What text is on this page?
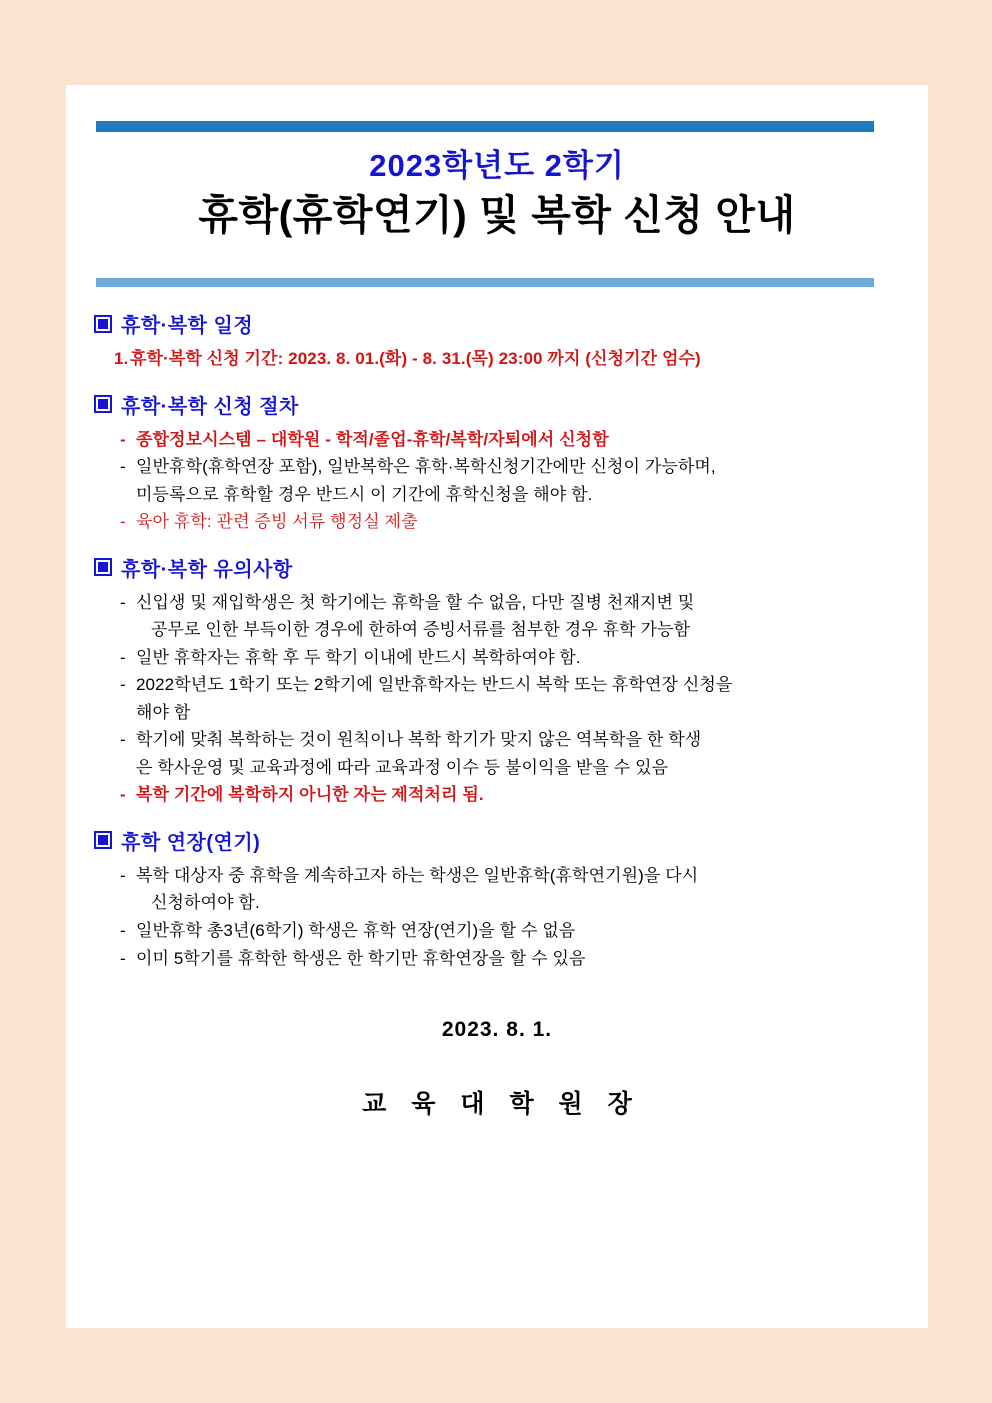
2023학년도 2학기
휴학(휴학연기) 및 복학 신청 안내
휴학·복학 일정
1. 휴학·복학 신청 기간: 2023. 8. 01.(화) - 8. 31.(목) 23:00 까지 (신청기간 엄수)
휴학·복학 신청 절차
- 종합정보시스템 – 대학원 - 학적/졸업-휴학/복학/자퇴에서 신청함
- 일반휴학(휴학연장 포함), 일반복학은 휴학·복학신청기간에만 신청이 가능하며,
미등록으로 휴학할 경우 반드시 이 기간에 휴학신청을 해야 함.
- 육아 휴학: 관련 증빙 서류 행정실 제출
휴학·복학 유의사항
- 신입생 및 재입학생은 첫 학기에는 휴학을 할 수 없음, 다만 질병 천재지변 및
공무로 인한 부득이한 경우에 한하여 증빙서류를 첨부한 경우 휴학 가능함
- 일반 휴학자는 휴학 후 두 학기 이내에 반드시 복학하여야 함.
- 2022학년도 1학기 또는 2학기에 일반휴학자는 반드시 복학 또는 휴학연장 신청을
해야 함
- 학기에 맞춰 복학하는 것이 원칙이나 복학 학기가 맞지 않은 역복학을 한 학생
은 학사운영 및 교육과정에 따라 교육과정 이수 등 불이익을 받을 수 있음
- 복학 기간에 복학하지 아니한 자는 제적처리 됨.
휴학 연장(연기)
- 복학 대상자 중 휴학을 계속하고자 하는 학생은 일반휴학(휴학연기원)을 다시
신청하여야 함.
- 일반휴학 총3년(6학기) 학생은 휴학 연장(연기)을 할 수 없음
- 이미 5학기를 휴학한 학생은 한 학기만 휴학연장을 할 수 있음
2023. 8. 1.
교 육 대 학 원 장
